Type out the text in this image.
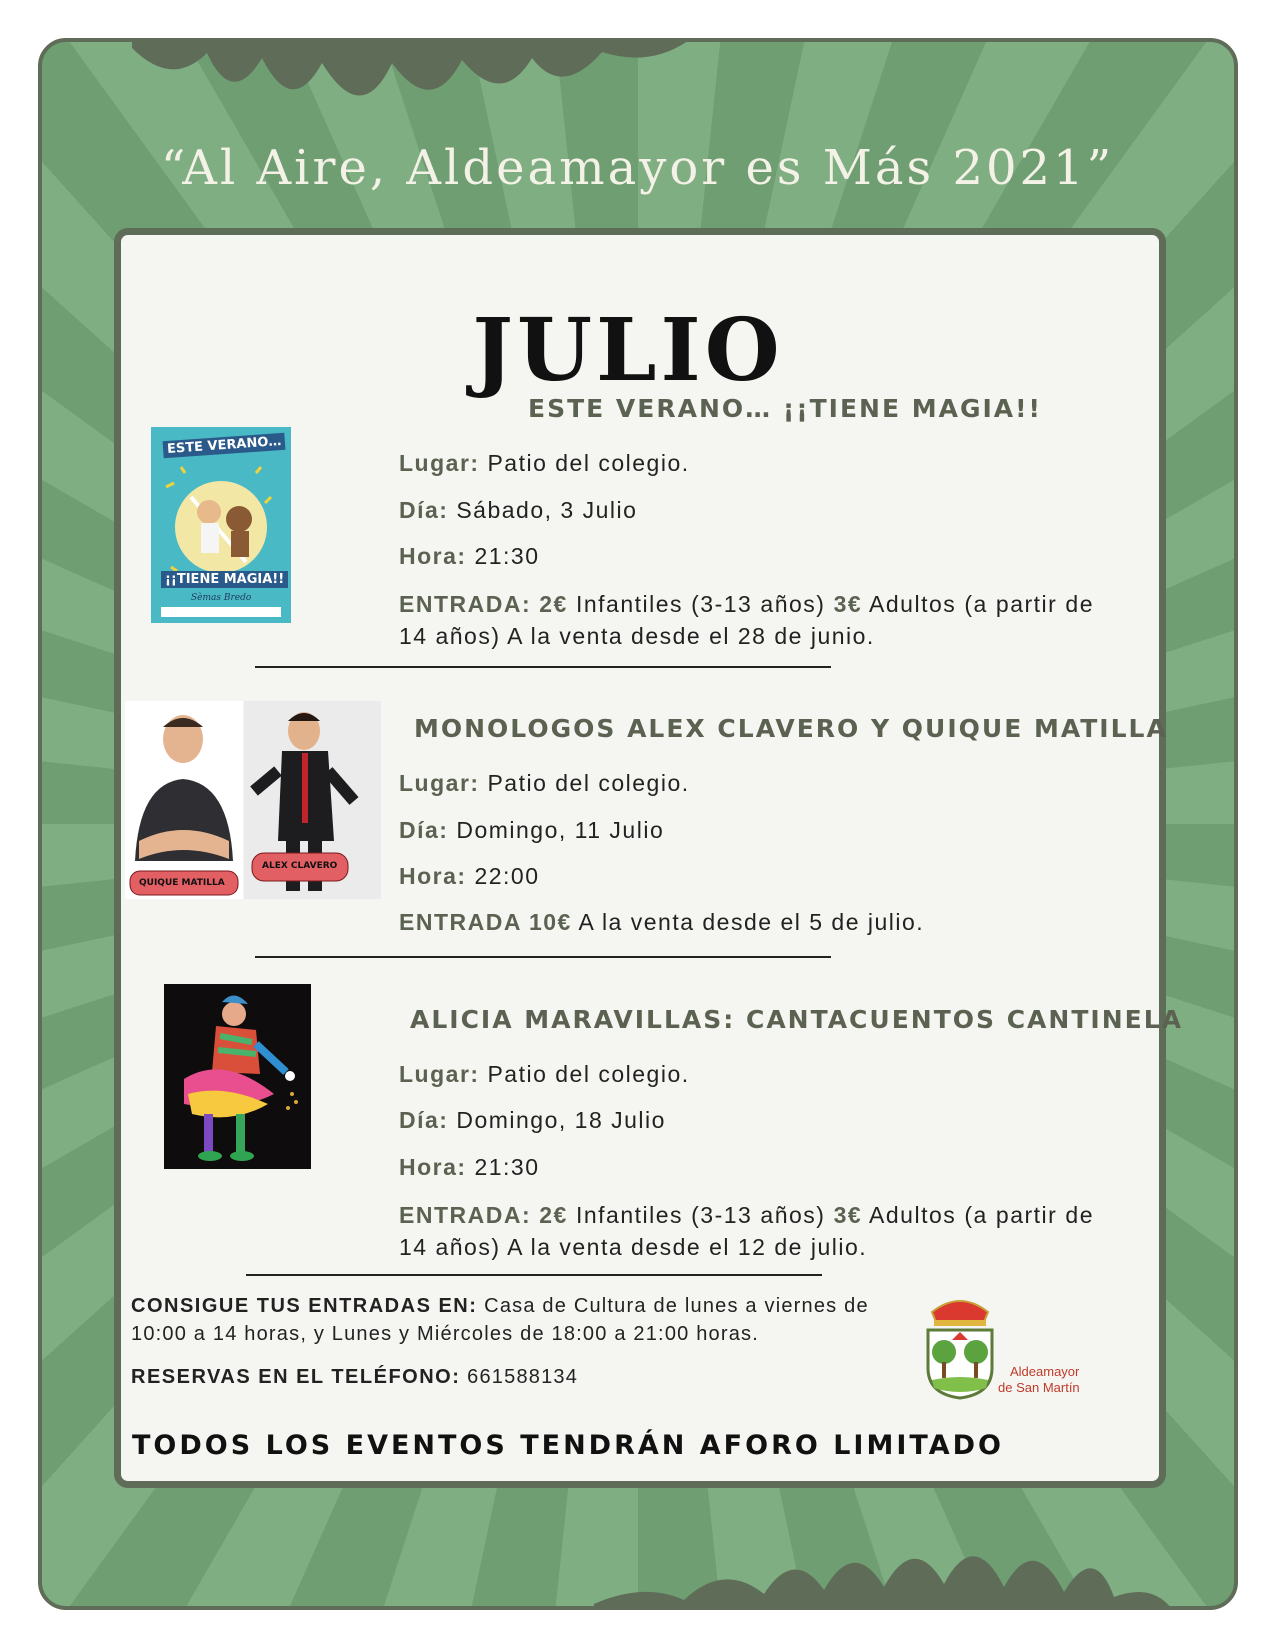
“Al Aire, Aldeamayor es Más 2021”
JULIO
ESTE VERANO…
¡¡TIENE MAGIA!!
Sèmas Bredo
ESTE VERANO… ¡¡TIENE MAGIA!!
Lugar: Patio del colegio.
Día: Sábado, 3 Julio
Hora: 21:30
ENTRADA: 2€ Infantiles (3-13 años) 3€ Adultos (a partir de 14 años) A la venta desde el 28 de junio.
QUIQUE MATILLA
ALEX CLAVERO
MONOLOGOS ALEX CLAVERO Y QUIQUE MATILLA
Lugar: Patio del colegio.
Día: Domingo, 11 Julio
Hora: 22:00
ENTRADA 10€ A la venta desde el 5 de julio.
ALICIA MARAVILLAS: CANTACUENTOS CANTINELA
Lugar: Patio del colegio.
Día: Domingo, 18 Julio
Hora: 21:30
ENTRADA: 2€ Infantiles (3-13 años) 3€ Adultos (a partir de 14 años) A la venta desde el 12 de julio.
CONSIGUE TUS ENTRADAS EN: Casa de Cultura de lunes a viernes de 10:00 a 14 horas, y Lunes y Miércoles de 18:00 a 21:00 horas.
RESERVAS EN EL TELÉFONO: 661588134	Aldeamayor
de San Martín
TODOS LOS EVENTOS TENDRÁN AFORO LIMITADO
